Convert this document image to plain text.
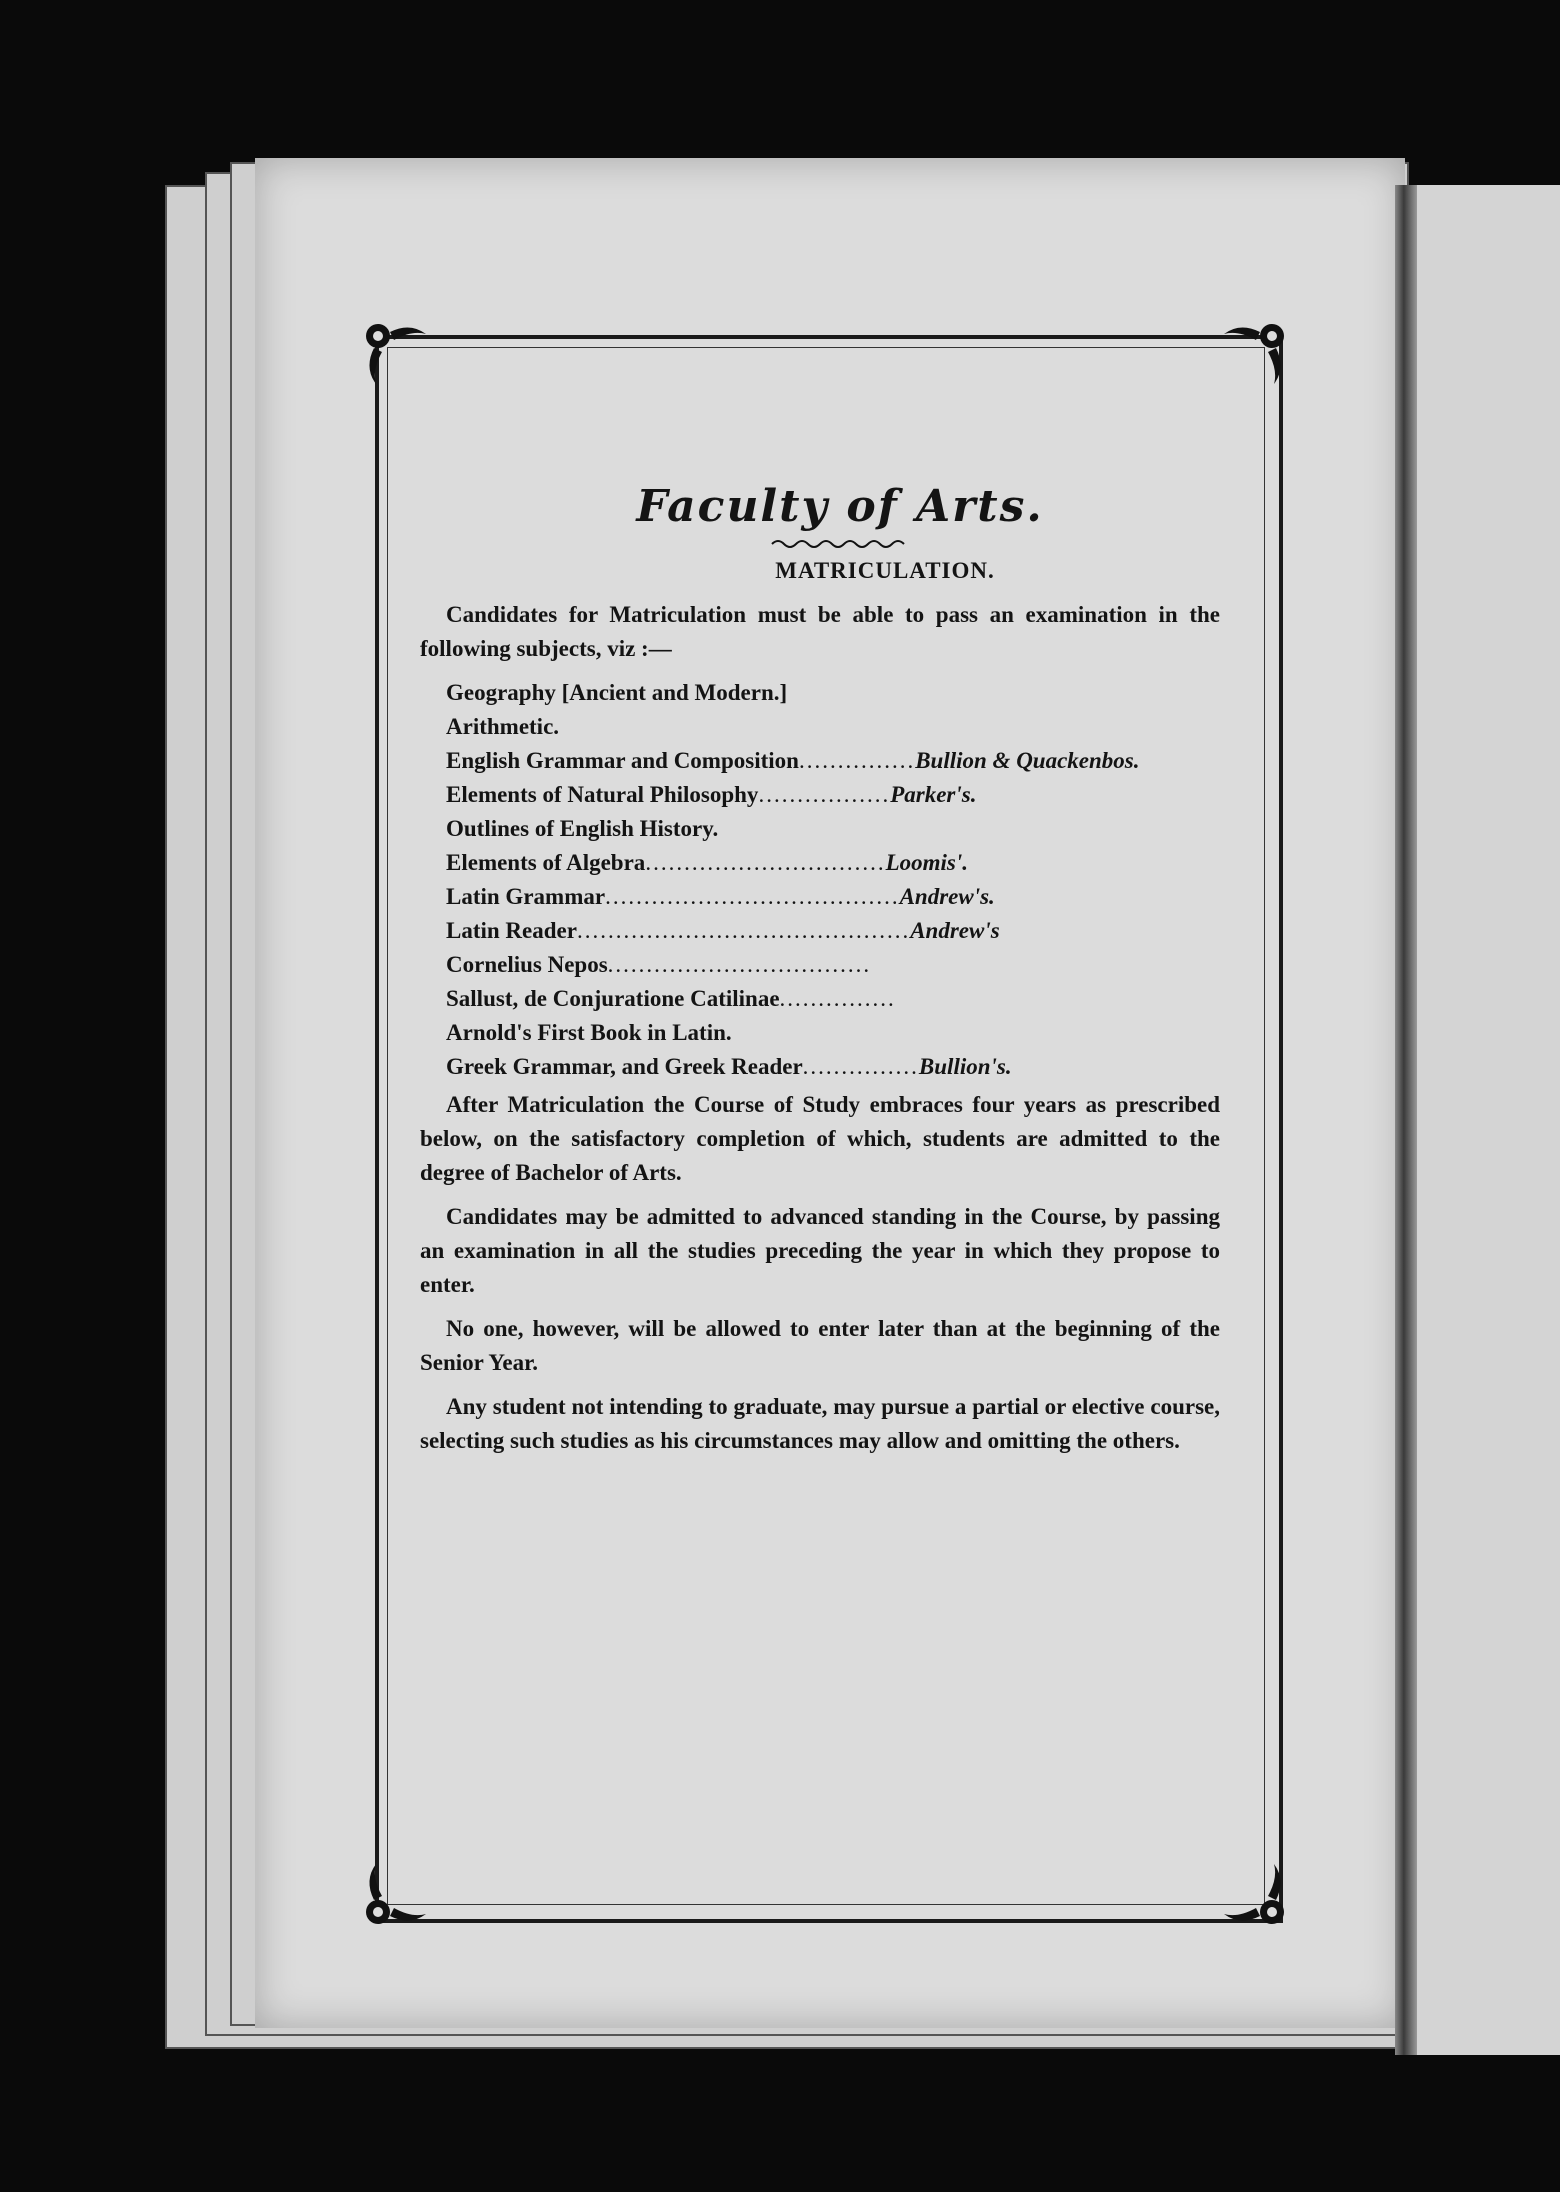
Faculty of Arts.
MATRICULATION.

Candidates for Matriculation must be able to pass an examination in the following subjects, viz :—

Geography [Ancient and Modern.]
Arithmetic.
English Grammar and Composition ............... Bullion & Quackenbos.
Elements of Natural Philosophy ................. Parker's.
Outlines of English History.
Elements of Algebra ............................... Loomis'.
Latin Grammar ...................................... Andrew's.
Latin Reader ........................................... Andrew's
Cornelius Nepos ..................................
Sallust, de Conjuratione Catilinae ...............
Arnold's First Book in Latin.
Greek Grammar, and Greek Reader ............... Bullion's.

After Matriculation the Course of Study embraces four years as prescribed below, on the satisfactory completion of which, students are admitted to the degree of Bachelor of Arts.

Candidates may be admitted to advanced standing in the Course, by passing an examination in all the studies preceding the year in which they propose to enter.

No one, however, will be allowed to enter later than at the beginning of the Senior Year.

Any student not intending to graduate, may pursue a partial or elective course, selecting such studies as his circumstances may allow and omitting the others.
